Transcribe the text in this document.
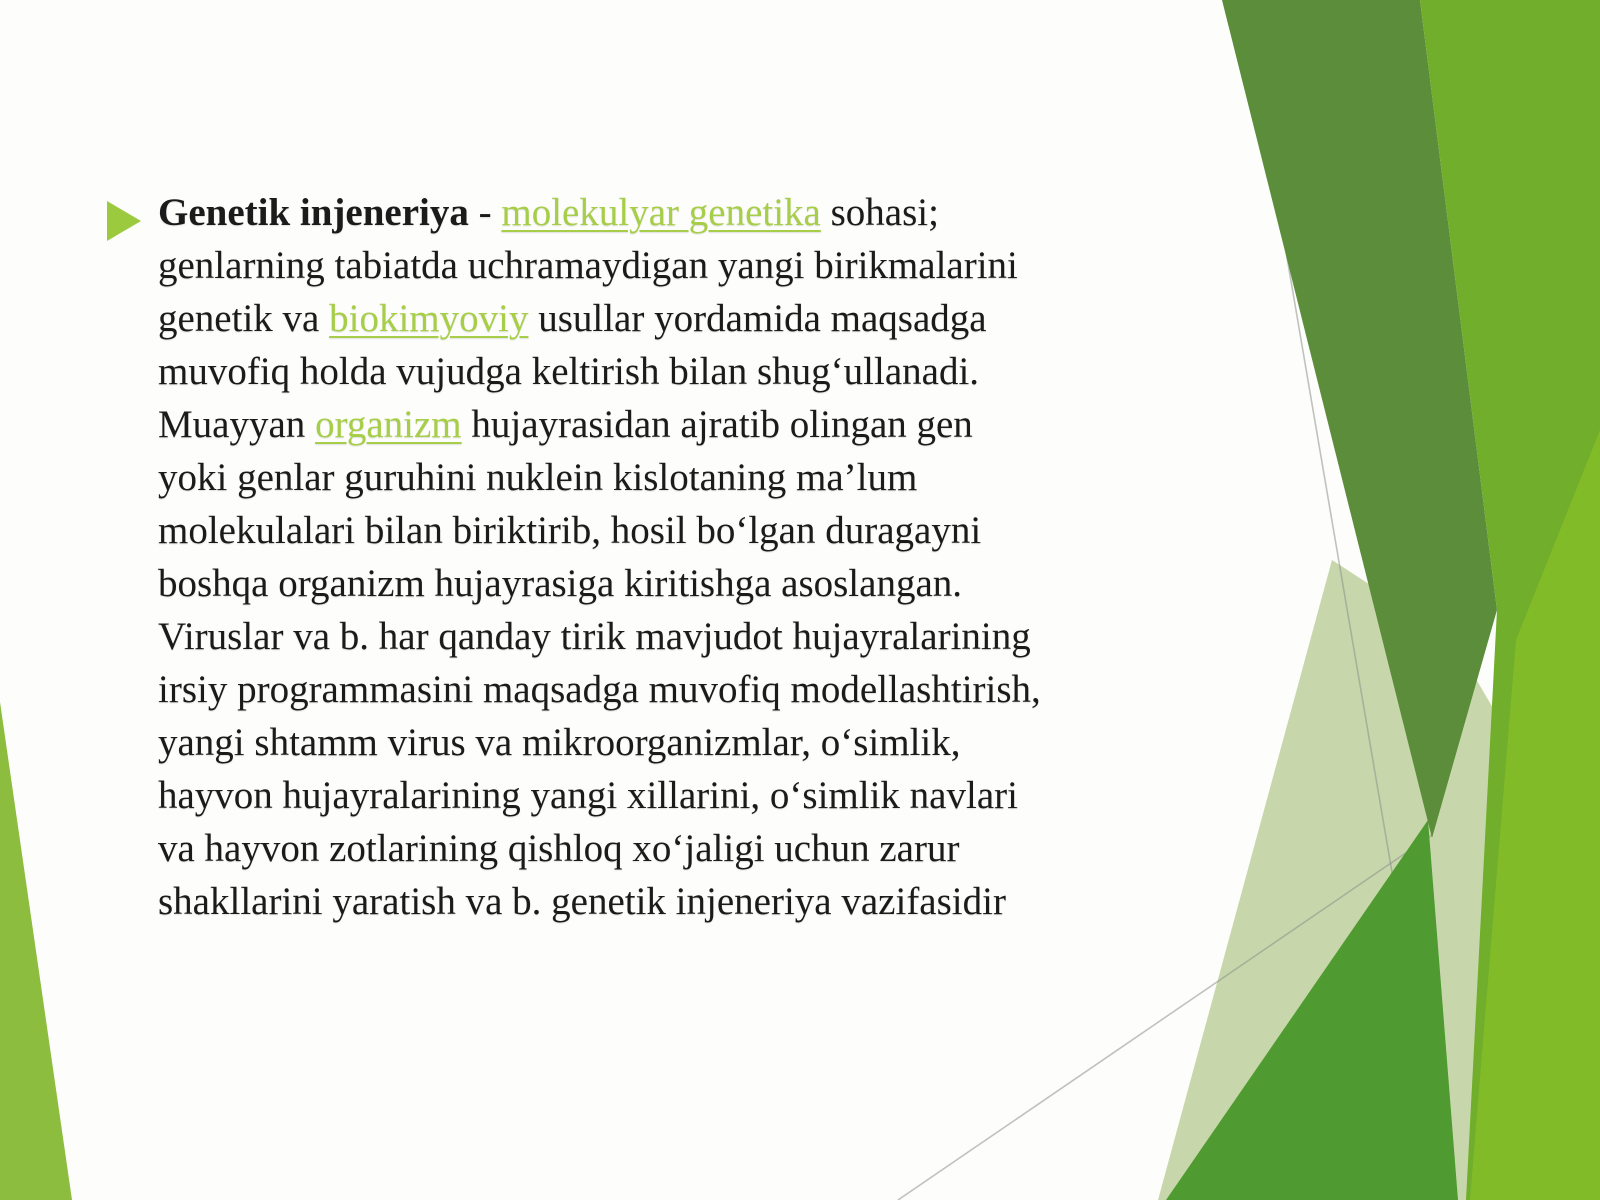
Genetik injeneriya - molekulyar genetika sohasi;
genlarning tabiatda uchramaydigan yangi birikmalarini
genetik va biokimyoviy usullar yordamida maqsadga
muvofiq holda vujudga keltirish bilan shug‘ullanadi.
Muayyan organizm hujayrasidan ajratib olingan gen
yoki genlar guruhini nuklein kislotaning ma’lum
molekulalari bilan biriktirib, hosil bo‘lgan duragayni
boshqa organizm hujayrasiga kiritishga asoslangan.
Viruslar va b. har qanday tirik mavjudot hujayralarining
irsiy programmasini maqsadga muvofiq modellashtirish,
yangi shtamm virus va mikroorganizmlar, o‘simlik,
hayvon hujayralarining yangi xillarini, o‘simlik navlari
va hayvon zotlarining qishloq xo‘jaligi uchun zarur
shakllarini yaratish va b. genetik injeneriya vazifasidir
